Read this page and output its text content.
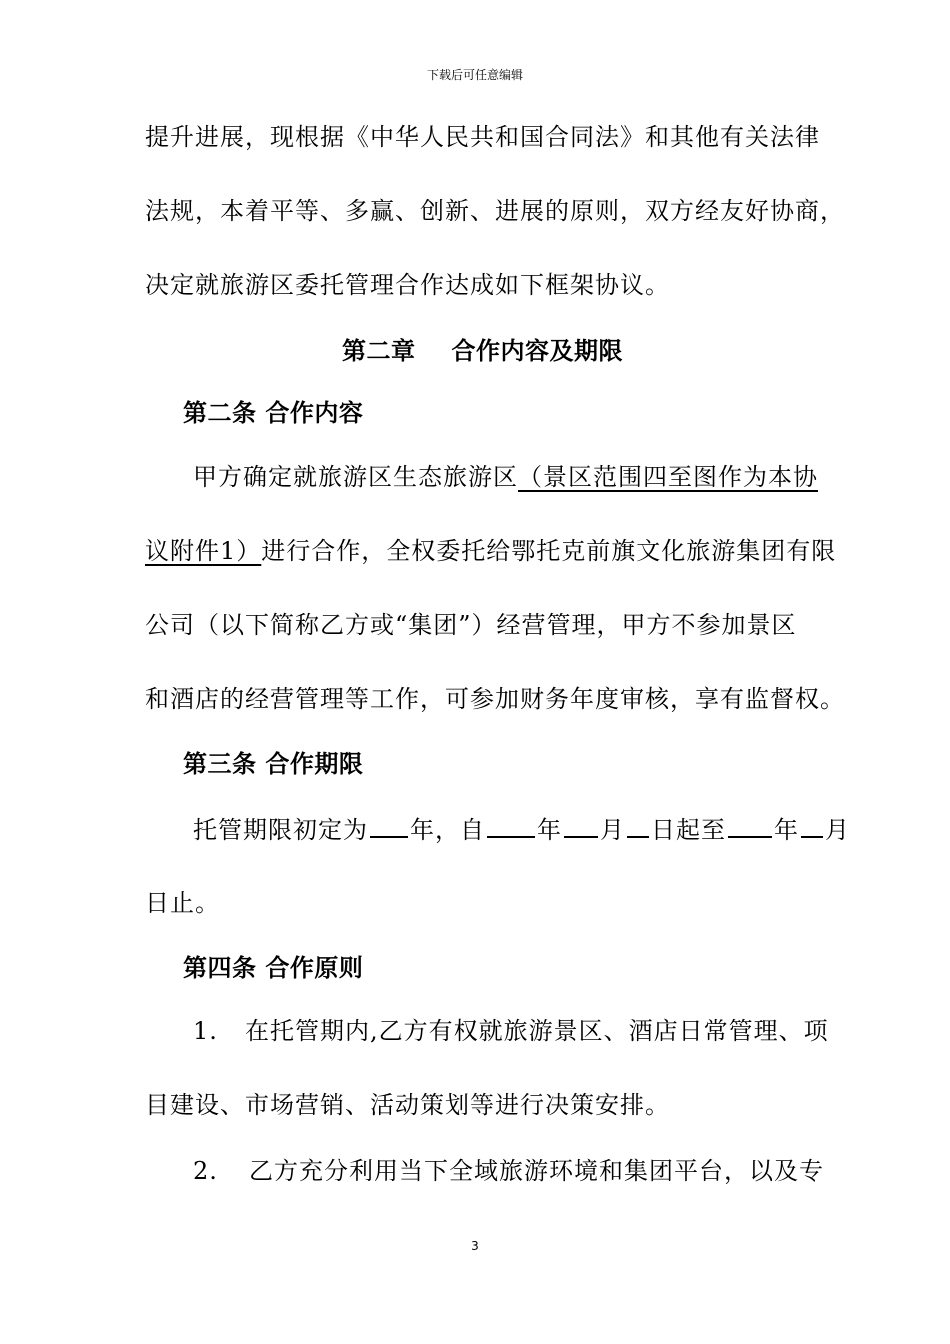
下载后可任意编辑
提升进展，现根据《中华人民共和国合同法》和其他有关法律
法规，本着平等、多赢、创新、进展的原则，双方经友好协商，
决定就旅游区委托管理合作达成如下框架协议。
第二章 合作内容及期限
第二条 合作内容
甲方确定就旅游区生态旅游区（景区范围四至图作为本协
议附件1）进行合作，全权委托给鄂托克前旗文化旅游集团有限
公司（以下简称乙方或“集团”）经营管理，甲方不参加景区
和酒店的经营管理等工作，可参加财务年度审核，享有监督权。
第三条 合作期限
托管期限初定为 年，自 年 月 日起至 年 月
日止。
第四条 合作原则
1. 在托管期内,乙方有权就旅游景区、酒店日常管理、项
目建设、市场营销、活动策划等进行决策安排。
2. 乙方充分利用当下全域旅游环境和集团平台，以及专
3
